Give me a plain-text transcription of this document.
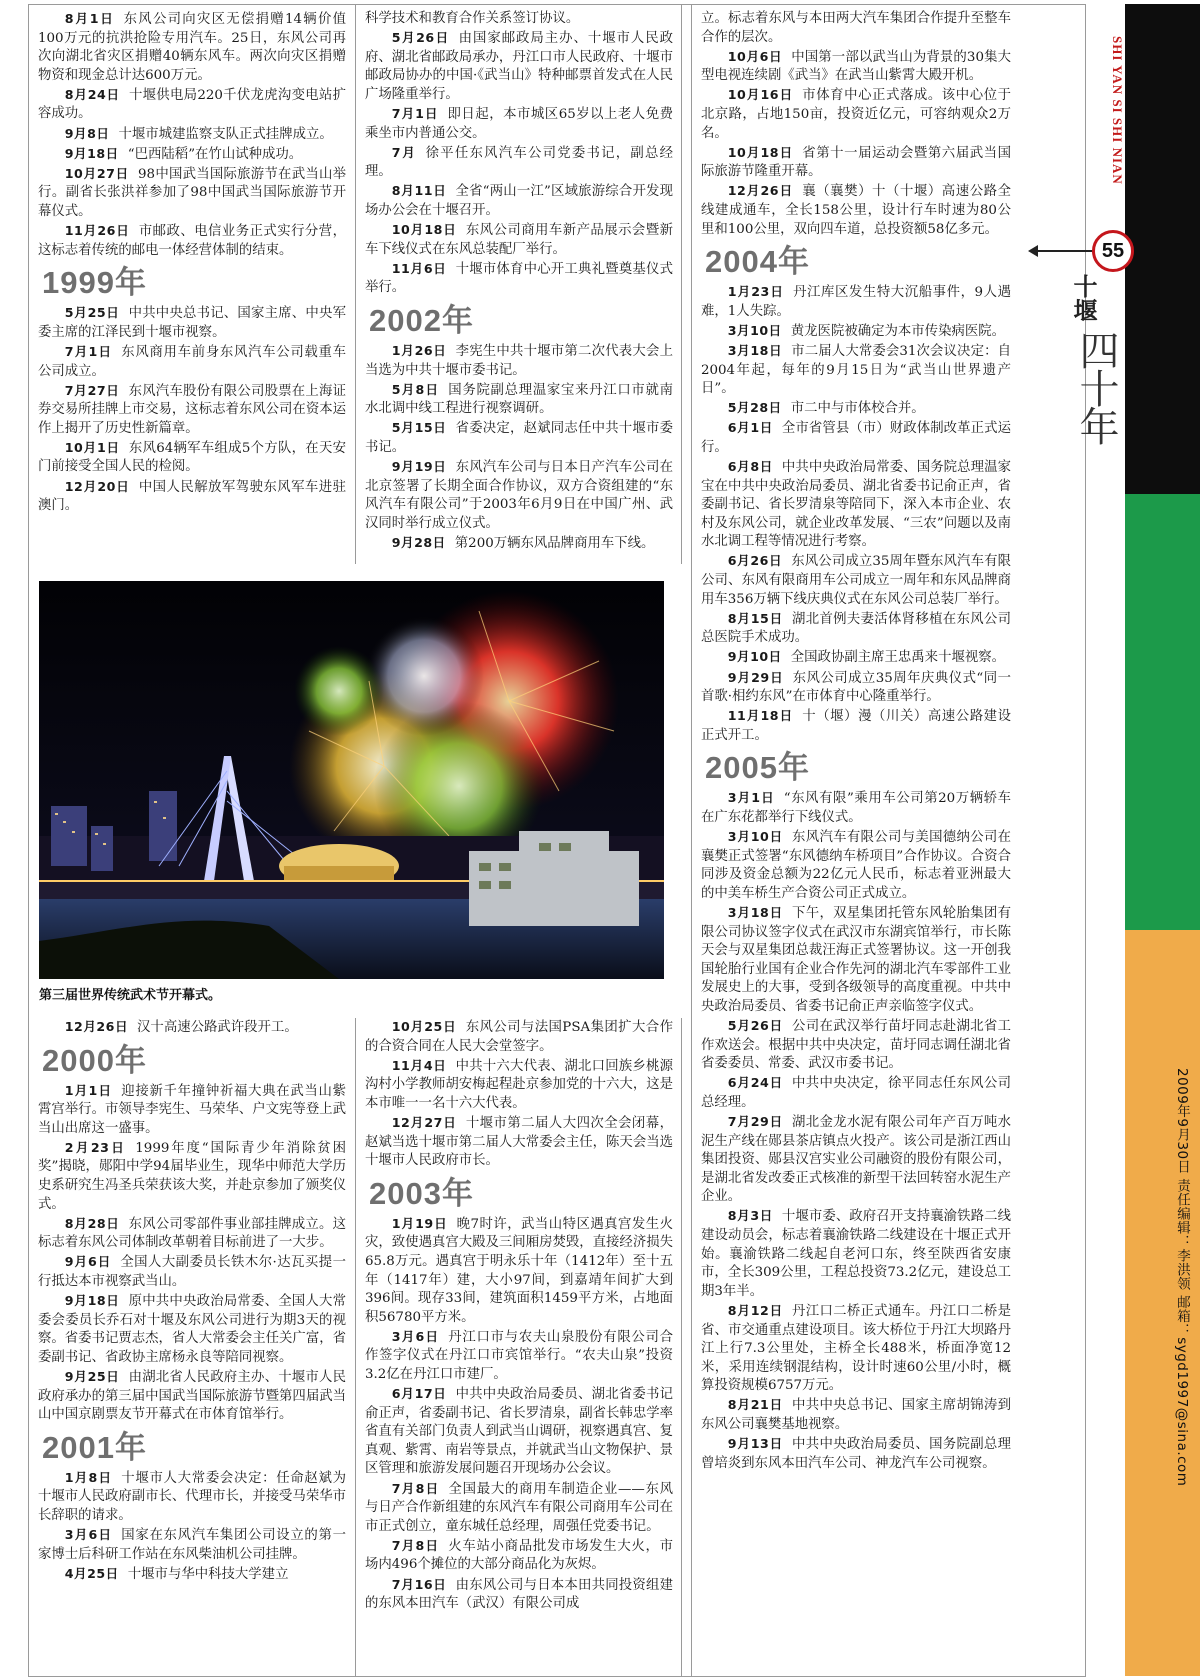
8月1日 东风公司向灾区无偿捐赠14辆价值100万元的抗洪抢险专用汽车。25日，东风公司再次向湖北省灾区捐赠40辆东风车。两次向灾区捐赠物资和现金总计达600万元。

8月24日 十堰供电局220千伏龙虎沟变电站扩容成功。

9月8日 十堰市城建监察支队正式挂牌成立。

9月18日 “巴西陆稻”在竹山试种成功。

10月27日 98中国武当国际旅游节在武当山举行。副省长张洪祥参加了98中国武当国际旅游节开幕仪式。

11月26日 市邮政、电信业务正式实行分营，这标志着传统的邮电一体经营体制的结束。

1999年

5月25日 中共中央总书记、国家主席、中央军委主席的江泽民到十堰市视察。

7月1日 东风商用车前身东风汽车公司载重车公司成立。

7月27日 东风汽车股份有限公司股票在上海证券交易所挂牌上市交易，这标志着东风公司在资本运作上揭开了历史性新篇章。

10月1日 东风64辆军车组成5个方队，在天安门前接受全国人民的检阅。

12月20日 中国人民解放军驾驶东风军车进驻澳门。

科学技术和教育合作关系签订协议。

5月26日 由国家邮政局主办、十堰市人民政府、湖北省邮政局承办，丹江口市人民政府、十堰市邮政局协办的中国·《武当山》特种邮票首发式在人民广场隆重举行。

7月1日 即日起，本市城区65岁以上老人免费乘坐市内普通公交。

7月 徐平任东风汽车公司党委书记，副总经理。

8月11日 全省“两山一江”区域旅游综合开发现场办公会在十堰召开。

10月18日 东风公司商用车新产品展示会暨新车下线仪式在东风总装配厂举行。

11月6日 十堰市体育中心开工典礼暨奠基仪式举行。

2002年

1月26日 李宪生中共十堰市第二次代表大会上当选为中共十堰市委书记。

5月8日 国务院副总理温家宝来丹江口市就南水北调中线工程进行视察调研。

5月15日 省委决定，赵斌同志任中共十堰市委书记。

9月19日 东风汽车公司与日本日产汽车公司在北京签署了长期全面合作协议，双方合资组建的“东风汽车有限公司”于2003年6月9日在中国广州、武汉同时举行成立仪式。

9月28日 第200万辆东风品牌商用车下线。

立。标志着东风与本田两大汽车集团合作提升至整车合作的层次。

10月6日 中国第一部以武当山为背景的30集大型电视连续剧《武当》在武当山紫霄大殿开机。

10月16日 市体育中心正式落成。该中心位于北京路，占地150亩，投资近亿元，可容纳观众2万名。

10月18日 省第十一届运动会暨第六届武当国际旅游节隆重开幕。

12月26日 襄（襄樊）十（十堰）高速公路全线建成通车，全长158公里，设计行车时速为80公里和100公里，双向四车道，总投资额58亿多元。

2004年

1月23日 丹江库区发生特大沉船事件，9人遇难，1人失踪。

3月10日 黄龙医院被确定为本市传染病医院。

3月18日 市二届人大常委会31次会议决定：自2004年起，每年的9月15日为“武当山世界遗产日”。

5月28日 市二中与市体校合并。

6月1日 全市省管县（市）财政体制改革正式运行。

6月8日 中共中央政治局常委、国务院总理温家宝在中共中央政治局委员、湖北省委书记俞正声，省委副书记、省长罗清泉等陪同下，深入本市企业、农村及东风公司，就企业改革发展、“三农”问题以及南水北调工程等情况进行考察。

6月26日 东风公司成立35周年暨东风汽车有限公司、东风有限商用车公司成立一周年和东风品牌商用车356万辆下线庆典仪式在东风公司总装厂举行。

8月15日 湖北首例夫妻活体肾移植在东风公司总医院手术成功。

9月10日 全国政协副主席王忠禹来十堰视察。

9月29日 东风公司成立35周年庆典仪式“同一首歌·相约东风”在市体育中心隆重举行。

11月18日 十（堰）漫（川关）高速公路建设正式开工。

2005年

3月1日 “东风有限”乘用车公司第20万辆轿车在广东花都举行下线仪式。

3月10日 东风汽车有限公司与美国德纳公司在襄樊正式签署“东风德纳车桥项目”合作协议。合资合同涉及资金总额为22亿元人民币，标志着亚洲最大的中美车桥生产合资公司正式成立。

3月18日 下午，双星集团托管东风轮胎集团有限公司协议签字仪式在武汉市东湖宾馆举行，市长陈天会与双星集团总裁汪海正式签署协议。这一开创我国轮胎行业国有企业合作先河的湖北汽车零部件工业发展史上的大事，受到各级领导的高度重视。中共中央政治局委员、省委书记俞正声亲临签字仪式。

5月26日 公司在武汉举行苗圩同志赴湖北省工作欢送会。根据中共中央决定，苗圩同志调任湖北省省委委员、常委、武汉市委书记。

6月24日 中共中央决定，徐平同志任东风公司总经理。

7月29日 湖北金龙水泥有限公司年产百万吨水泥生产线在郧县茶店镇点火投产。该公司是浙江西山集团投资、郧县汉宫实业公司融资的股份有限公司，是湖北省发改委正式核准的新型干法回转窑水泥生产企业。

8月3日 十堰市委、政府召开支持襄渝铁路二线建设动员会，标志着襄渝铁路二线建设在十堰正式开始。襄渝铁路二线起自老河口东，终至陕西省安康市，全长309公里，工程总投资73.2亿元，建设总工期3年半。

8月12日 丹江口二桥正式通车。丹江口二桥是省、市交通重点建设项目。该大桥位于丹江大坝路丹江上行7.3公里处，主桥全长488米，桥面净宽12米，采用连续钢混结构，设计时速60公里/小时，概算投资规模6757万元。

8月21日 中共中央总书记、国家主席胡锦涛到东风公司襄樊基地视察。

9月13日 中共中央政治局委员、国务院副总理曾培炎到东风本田汽车公司、神龙汽车公司视察。

第三届世界传统武术节开幕式。

12月26日 汉十高速公路武许段开工。

2000年

1月1日 迎接新千年撞钟祈福大典在武当山紫霄宫举行。市领导李宪生、马荣华、户文宪等登上武当山出席这一盛事。

2月23日 1999年度“国际青少年消除贫困奖”揭晓，郧阳中学94届毕业生，现华中师范大学历史系研究生冯圣兵荣获该大奖，并赴京参加了颁奖仪式。

8月28日 东风公司零部件事业部挂牌成立。这标志着东风公司体制改革朝着目标前进了一大步。

9月6日 全国人大副委员长铁木尔·达瓦买提一行抵达本市视察武当山。

9月18日 原中共中央政治局常委、全国人大常委会委员长乔石对十堰及东风公司进行为期3天的视察。省委书记贾志杰，省人大常委会主任关广富，省委副书记、省政协主席杨永良等陪同视察。

9月25日 由湖北省人民政府主办、十堰市人民政府承办的第三届中国武当国际旅游节暨第四届武当山中国京剧票友节开幕式在市体育馆举行。

2001年

1月8日 十堰市人大常委会决定：任命赵斌为十堰市人民政府副市长、代理市长，并接受马荣华市长辞职的请求。

3月6日 国家在东风汽车集团公司设立的第一家博士后科研工作站在东风柴油机公司挂牌。

4月25日 十堰市与华中科技大学建立

10月25日 东风公司与法国PSA集团扩大合作的合资合同在人民大会堂签字。

11月4日 中共十六大代表、湖北口回族乡桃源沟村小学教师胡安梅起程赴京参加党的十六大，这是本市唯一一名十六大代表。

12月27日 十堰市第二届人大四次全会闭幕，赵斌当选十堰市第二届人大常委会主任，陈天会当选十堰市人民政府市长。

2003年

1月19日 晚7时许，武当山特区遇真宫发生火灾，致使遇真宫大殿及三间厢房焚毁，直接经济损失65.8万元。遇真宫于明永乐十年（1412年）至十五年（1417年）建，大小97间，到嘉靖年间扩大到396间。现存33间，建筑面积1459平方米，占地面积56780平方米。

3月6日 丹江口市与农夫山泉股份有限公司合作签字仪式在丹江口市宾馆举行。“农夫山泉”投资3.2亿在丹江口市建厂。

6月17日 中共中央政治局委员、湖北省委书记俞正声，省委副书记、省长罗清泉，副省长韩忠学率省直有关部门负责人到武当山调研，视察遇真宫、复真观、紫霄、南岩等景点，并就武当山文物保护、景区管理和旅游发展问题召开现场办公会议。

7月8日 全国最大的商用车制造企业——东风与日产合作新组建的东风汽车有限公司商用车公司在市正式创立，童东城任总经理，周强任党委书记。

7月8日 火车站小商品批发市场发生大火，市场内496个摊位的大部分商品化为灰烬。

7月16日 由东风公司与日本本田共同投资组建的东风本田汽车（武汉）有限公司成

SHI YAN SI SHI NIAN
55
十堰
四十年
2009年9月30日 责任编辑：李洪领 邮箱：sygd1997@sina.com
